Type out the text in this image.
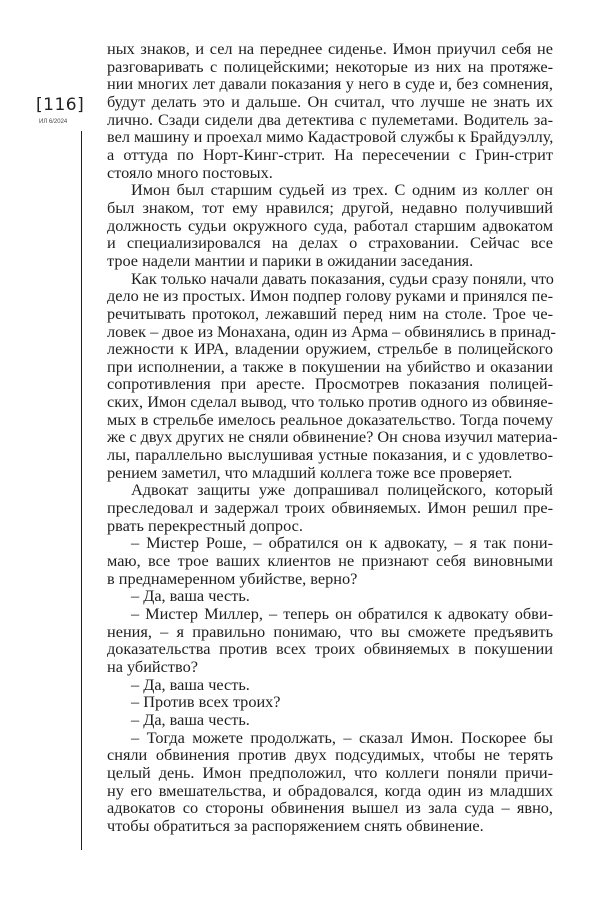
[116]
ИЛ 6/2024
ных знаков, и сел на переднее сиденье. Имон приучил себя не
разговаривать с полицейскими; некоторые из них на протяже-
нии многих лет давали показания у него в суде и, без сомнения,
будут делать это и дальше. Он считал, что лучше не знать их
лично. Сзади сидели два детектива с пулеметами. Водитель за-
вел машину и проехал мимо Кадастровой службы к Брайдуэллу,
а оттуда по Норт-Кинг-стрит. На пересечении с Грин-стрит
стояло много постовых.
Имон был старшим судьей из трех. С одним из коллег он
был знаком, тот ему нравился; другой, недавно получивший
должность судьи окружного суда, работал старшим адвокатом
и специализировался на делах о страховании. Сейчас все
трое надели мантии и парики в ожидании заседания.
Как только начали давать показания, судьи сразу поняли, что
дело не из простых. Имон подпер голову руками и принялся пе-
речитывать протокол, лежавший перед ним на столе. Трое че-
ловек – двое из Монахана, один из Арма – обвинялись в принад-
лежности к ИРА, владении оружием, стрельбе в полицейского
при исполнении, а также в покушении на убийство и оказании
сопротивления при аресте. Просмотрев показания полицей-
ских, Имон сделал вывод, что только против одного из обвиняе-
мых в стрельбе имелось реальное доказательство. Тогда почему
же с двух других не сняли обвинение? Он снова изучил материа-
лы, параллельно выслушивая устные показания, и с удовлетво-
рением заметил, что младший коллега тоже все проверяет.
Адвокат защиты уже допрашивал полицейского, который
преследовал и задержал троих обвиняемых. Имон решил пре-
рвать перекрестный допрос.
– Мистер Роше, – обратился он к адвокату, – я так пони-
маю, все трое ваших клиентов не признают себя виновными
в преднамеренном убийстве, верно?
– Да, ваша честь.
– Мистер Миллер, – теперь он обратился к адвокату обви-
нения, – я правильно понимаю, что вы сможете предъявить
доказательства против всех троих обвиняемых в покушении
на убийство?
– Да, ваша честь.
– Против всех троих?
– Да, ваша честь.
– Тогда можете продолжать, – сказал Имон. Поскорее бы
сняли обвинения против двух подсудимых, чтобы не терять
целый день. Имон предположил, что коллеги поняли причи-
ну его вмешательства, и обрадовался, когда один из младших
адвокатов со стороны обвинения вышел из зала суда – явно,
чтобы обратиться за распоряжением снять обвинение.
